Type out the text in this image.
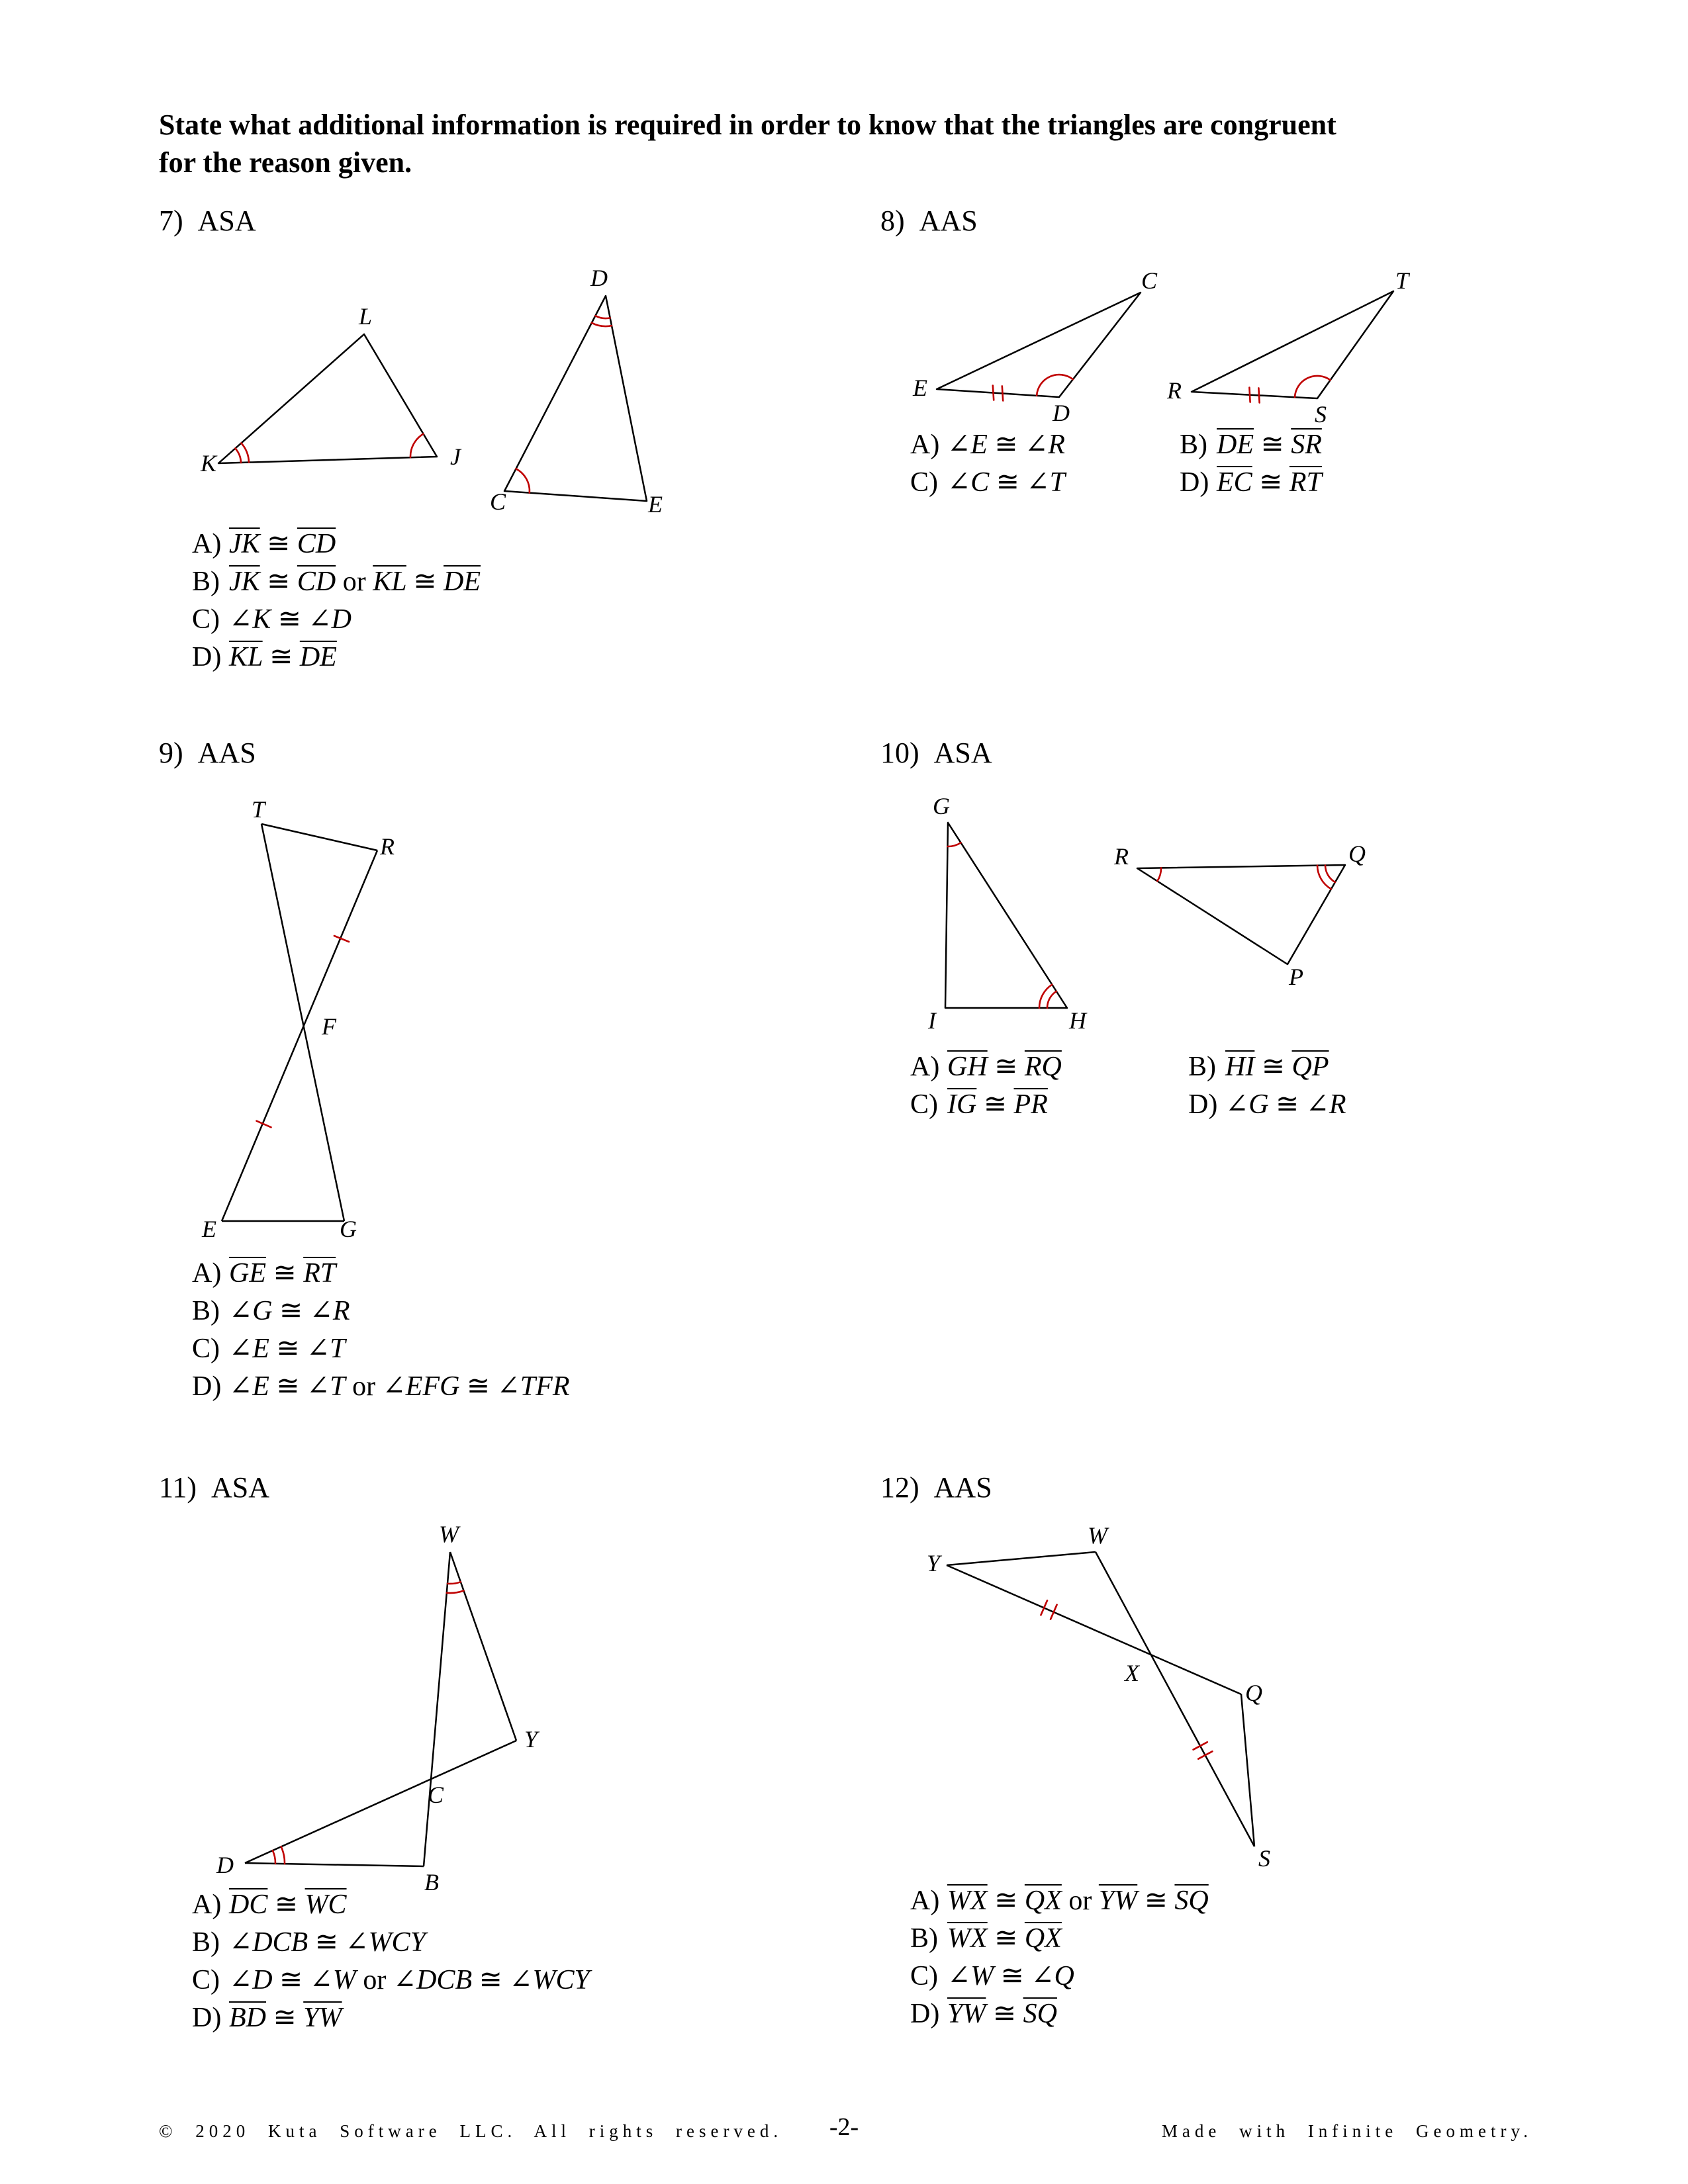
State what additional information is required in order to know that the triangles are congruent
for the reason given.
7) ASA
L
K	J
D
C	E
A) $\overline{JK}$ ≅ $\overline{CD}$
B) $\overline{JK}$ ≅ $\overline{CD}$ or $\overline{KL}$ ≅ $\overline{DE}$
C) ∠K ≅ ∠D
D) $\overline{KL}$ ≅ $\overline{DE}$
8) AAS
E
C
D
R
T
S
A) ∠E ≅ ∠R	B) $\overline{DE}$ ≅ $\overline{SR}$
C) ∠C ≅ ∠T	D) $\overline{EC}$ ≅ $\overline{RT}$
9) AAS
T
R
F
E	G
A) $\overline{GE}$ ≅ $\overline{RT}$
B) ∠G ≅ ∠R
C) ∠E ≅ ∠T
D) ∠E ≅ ∠T or ∠EFG ≅ ∠TFR
10) ASA
G
I	H
R	Q
P
A) $\overline{GH}$ ≅ $\overline{RQ}$	B) $\overline{HI}$ ≅ $\overline{QP}$
C) $\overline{IG}$ ≅ $\overline{PR}$	D) ∠G ≅ ∠R
11) ASA
W
Y
C
D
B
A) $\overline{DC}$ ≅ $\overline{WC}$
B) ∠DCB ≅ ∠WCY
C) ∠D ≅ ∠W or ∠DCB ≅ ∠WCY
D) $\overline{BD}$ ≅ $\overline{YW}$
12) AAS
Y
W
X
Q
S
A) $\overline{WX}$ ≅ $\overline{QX}$ or $\overline{YW}$ ≅ $\overline{SQ}$
B) $\overline{WX}$ ≅ $\overline{QX}$
C) ∠W ≅ ∠Q
D) $\overline{YW}$ ≅ $\overline{SQ}$
© 2020 Kuta Software LLC. All rights reserved.	Made with Infinite Geometry.
-2-
